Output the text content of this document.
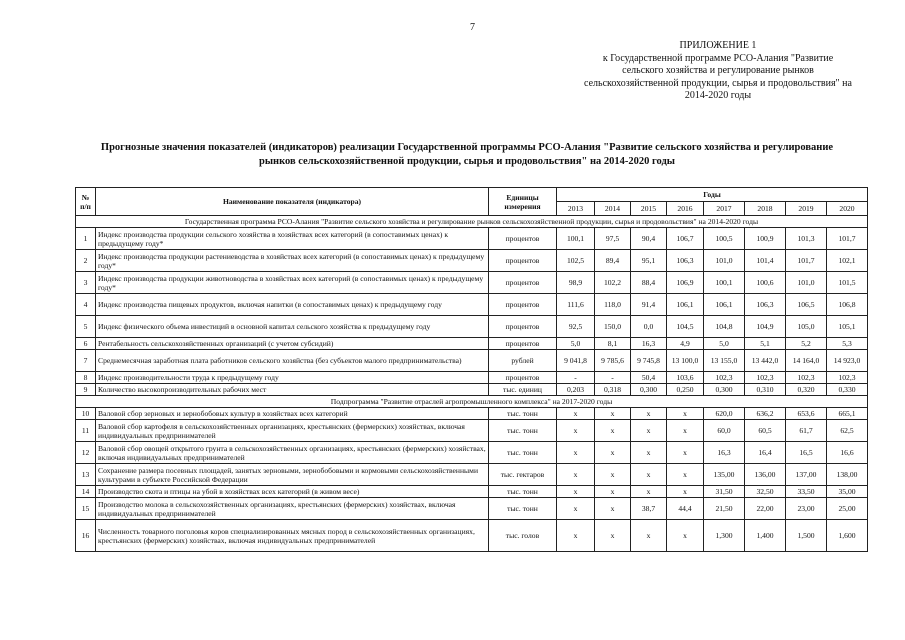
7
ПРИЛОЖЕНИЕ 1
к Государственной программе РСО-Алания "Развитие
сельского хозяйства и регулирование рынков
сельскохозяйственной продукции, сырья и продовольствия" на
2014-2020 годы
Прогнозные значения показателей (индикаторов) реализации Государственной программы РСО-Алания "Развитие сельского хозяйства и регулирование
рынков сельскохозяйственной продукции, сырья и продовольствия" на 2014-2020 годы
№ п/п	Наименование показателя (индикатора)	Единицы измерения	Годы							
			2013	2014	2015	2016	2017	2018	2019	2020
Государственная программа РСО-Алания "Развитие сельского хозяйства и регулирование рынков сельскохозяйственной продукции, сырья и продовольствия" на 2014-2020 годы										
1	Индекс производства продукции сельского хозяйства в хозяйствах всех категорий (в сопоставимых ценах) к предыдущему году*	процентов	100,1	97,5	90,4	106,7	100,5	100,9	101,3	101,7
2	Индекс производства продукции растениеводства в хозяйствах всех категорий (в сопоставимых ценах) к предыдущему году*	процентов	102,5	89,4	95,1	106,3	101,0	101,4	101,7	102,1
3	Индекс производства продукции животноводства в хозяйствах всех категорий (в сопоставимых ценах) к предыдущему году*	процентов	98,9	102,2	88,4	106,9	100,1	100,6	101,0	101,5
4	Индекс производства пищевых продуктов, включая напитки (в сопоставимых ценах) к предыдущему году	процентов	111,6	118,0	91,4	106,1	106,1	106,3	106,5	106,8
5	Индекс физического объема инвестиций в основной капитал сельского хозяйства к предыдущему году	процентов	92,5	150,0	0,0	104,5	104,8	104,9	105,0	105,1
6	Рентабельность сельскохозяйственных организаций (с учетом субсидий)	процентов	5,0	8,1	16,3	4,9	5,0	5,1	5,2	5,3
7	Среднемесячная заработная плата работников сельского хозяйства (без субъектов малого предпринимательства)	рублей	9 041,8	9 785,6	9 745,8	13 100,0	13 155,0	13 442,0	14 164,0	14 923,0
8	Индекс производительности труда к предыдущему году	процентов	-	-	50,4	103,6	102,3	102,3	102,3	102,3
9	Количество высокопроизводительных рабочих мест	тыс. единиц	0,203	0,318	0,300	0,250	0,300	0,310	0,320	0,330
Подпрограмма "Развитие отраслей агропромышленного комплекса" на 2017-2020 годы										
10	Валовой сбор зерновых и зернобобовых культур в хозяйствах всех категорий	тыс. тонн	x	x	x	x	620,0	636,2	653,6	665,1
11	Валовой сбор картофеля в сельскохозяйственных организациях, крестьянских (фермерских) хозяйствах, включая индивидуальных предпринимателей	тыс. тонн	x	x	x	x	60,0	60,5	61,7	62,5
12	Валовой сбор овощей открытого грунта в сельскохозяйственных организациях, крестьянских (фермерских) хозяйствах, включая индивидуальных предпринимателей	тыс. тонн	x	x	x	x	16,3	16,4	16,5	16,6
13	Сохранение размера посевных площадей, занятых зерновыми, зернобобовыми и кормовыми сельскохозяйственными культурами в субъекте Российской Федерации	тыс. гектаров	x	x	x	x	135,00	136,00	137,00	138,00
14	Производство скота и птицы на убой в хозяйствах всех категорий (в живом весе)	тыс. тонн	x	x	x	x	31,50	32,50	33,50	35,00
15	Производство молока в сельскохозяйственных организациях, крестьянских (фермерских) хозяйствах, включая индивидуальных предпринимателей	тыс. тонн	x	x	38,7	44,4	21,50	22,00	23,00	25,00
16	Численность товарного поголовья коров специализированных мясных пород в сельскохозяйственных организациях, крестьянских (фермерских) хозяйствах, включая индивидуальных предпринимателей	тыс. голов	x	x	x	x	1,300	1,400	1,500	1,600
